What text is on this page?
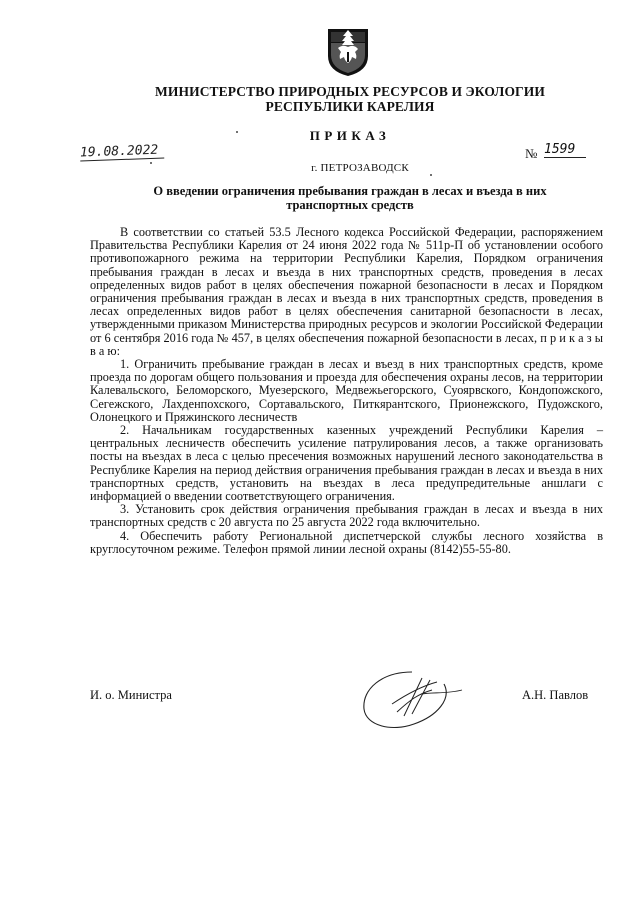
МИНИСТЕРСТВО ПРИРОДНЫХ РЕСУРСОВ И ЭКОЛОГИИ
РЕСПУБЛИКИ КАРЕЛИЯ
ПРИКАЗ
19.08.2022	№ 1599
г. ПЕТРОЗАВОДСК
О введении ограничения пребывания граждан в лесах и въезда в них
транспортных средств

В соответствии со статьей 53.5 Лесного кодекса Российской Федерации, распоряжением Правительства Республики Карелия от 24 июня 2022 года № 511р-П об установлении особого противопожарного режима на территории Республики Карелия, Порядком ограничения пребывания граждан в лесах и въезда в них транспортных средств, проведения в лесах определенных видов работ в целях обеспечения пожарной безопасности в лесах и Порядком ограничения пребывания граждан в лесах и въезда в них транспортных средств, проведения в лесах определенных видов работ в целях обеспечения санитарной безопасности в лесах, утвержденными приказом Министерства природных ресурсов и экологии Российской Федерации от 6 сентября 2016 года № 457, в целях обеспечения пожарной безопасности в лесах, п р и к а з ы в а ю:

1. Ограничить пребывание граждан в лесах и въезд в них транспортных средств, кроме проезда по дорогам общего пользования и проезда для обеспечения охраны лесов, на территории Калевальского, Беломорского, Муезерского, Медвежьегорского, Суоярвского, Кондопожского, Сегежского, Лахденпохского, Сортавальского, Питкярантского, Прионежского, Пудожского, Олонецкого и Пряжинского лесничеств

2. Начальникам государственных казенных учреждений Республики Карелия – центральных лесничеств обеспечить усиление патрулирования лесов, а также организовать посты на въездах в леса с целью пресечения возможных нарушений лесного законодательства в Республике Карелия на период действия ограничения пребывания граждан в лесах и въезда в них транспортных средств, установить на въездах в леса предупредительные аншлаги с информацией о введении соответствующего ограничения.

3. Установить срок действия ограничения пребывания граждан в лесах и въезда в них транспортных средств с 20 августа по 25 августа 2022 года включительно.

4. Обеспечить работу Региональной диспетчерской службы лесного хозяйства в круглосуточном режиме. Телефон прямой линии лесной охраны (8142)55-55-80.

И. о. Министра	А.Н. Павлов
